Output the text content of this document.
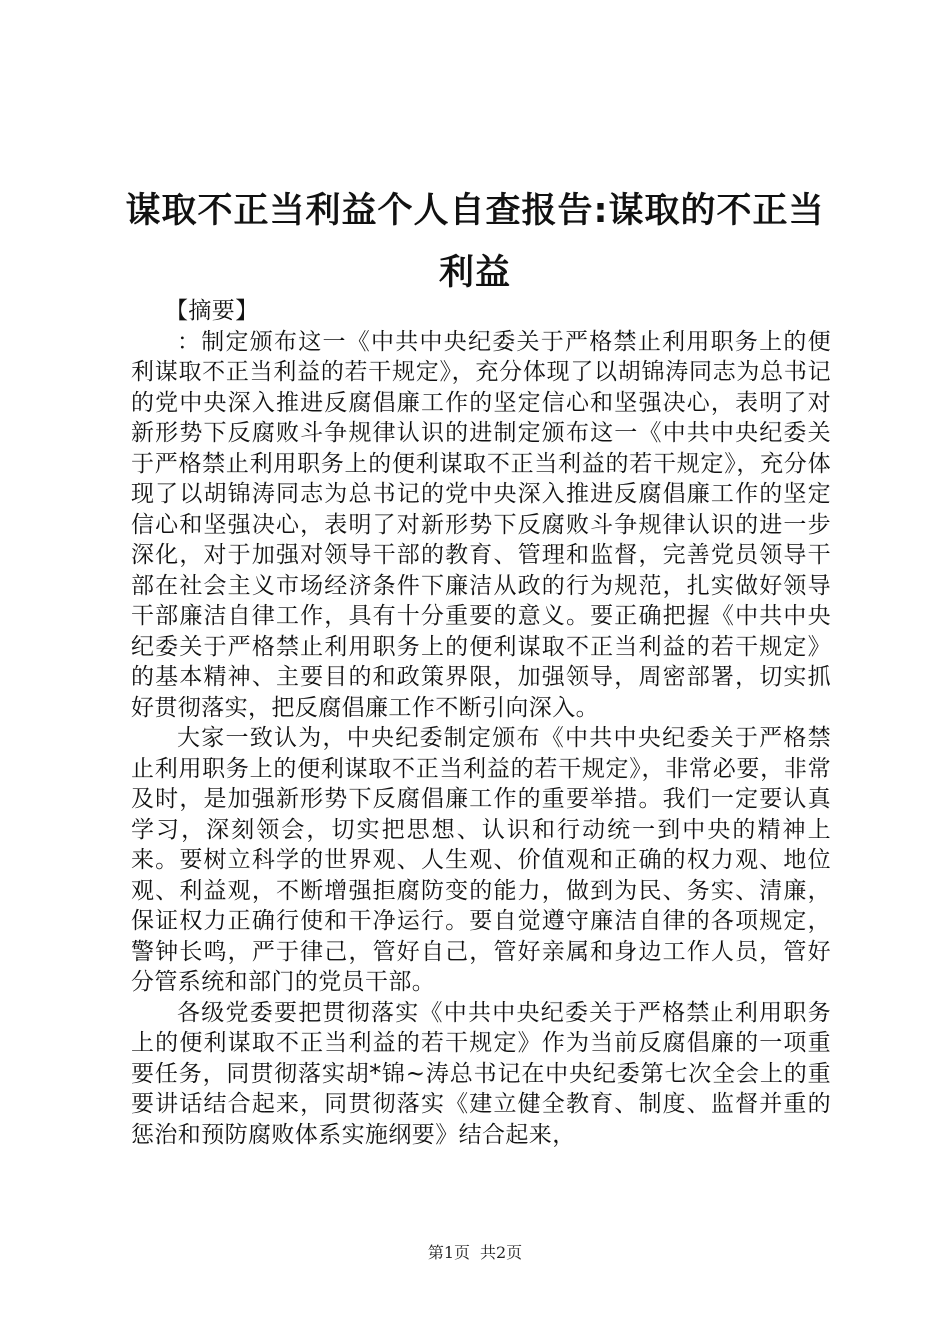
谋取不正当利益个人自查报告:谋取的不正当利益

【摘要】

：制定颁布这一《中共中央纪委关于严格禁止利用职务上的便利谋取不正当利益的若干规定》，充分体现了以胡锦涛同志为总书记的党中央深入推进反腐倡廉工作的坚定信心和坚强决心，表明了对新形势下反腐败斗争规律认识的进制定颁布这一《中共中央纪委关于严格禁止利用职务上的便利谋取不正当利益的若干规定》，充分体现了以胡锦涛同志为总书记的党中央深入推进反腐倡廉工作的坚定信心和坚强决心，表明了对新形势下反腐败斗争规律认识的进一步深化，对于加强对领导干部的教育、管理和监督，完善党员领导干部在社会主义市场经济条件下廉洁从政的行为规范，扎实做好领导干部廉洁自律工作，具有十分重要的意义。要正确把握《中共中央纪委关于严格禁止利用职务上的便利谋取不正当利益的若干规定》的基本精神、主要目的和政策界限，加强领导，周密部署，切实抓好贯彻落实，把反腐倡廉工作不断引向深入。

大家一致认为，中央纪委制定颁布《中共中央纪委关于严格禁止利用职务上的便利谋取不正当利益的若干规定》，非常必要，非常及时，是加强新形势下反腐倡廉工作的重要举措。我们一定要认真学习，深刻领会，切实把思想、认识和行动统一到中央的精神上来。要树立科学的世界观、人生观、价值观和正确的权力观、地位观、利益观，不断增强拒腐防变的能力，做到为民、务实、清廉，保证权力正确行使和干净运行。要自觉遵守廉洁自律的各项规定，警钟长鸣，严于律己，管好自己，管好亲属和身边工作人员，管好分管系统和部门的党员干部。

各级党委要把贯彻落实《中共中央纪委关于严格禁止利用职务上的便利谋取不正当利益的若干规定》作为当前反腐倡廉的一项重要任务，同贯彻落实胡*锦~涛总书记在中央纪委第七次全会上的重要讲话结合起来，同贯彻落实《建立健全教育、制度、监督并重的惩治和预防腐败体系实施纲要》结合起来，

第1页 共2页
